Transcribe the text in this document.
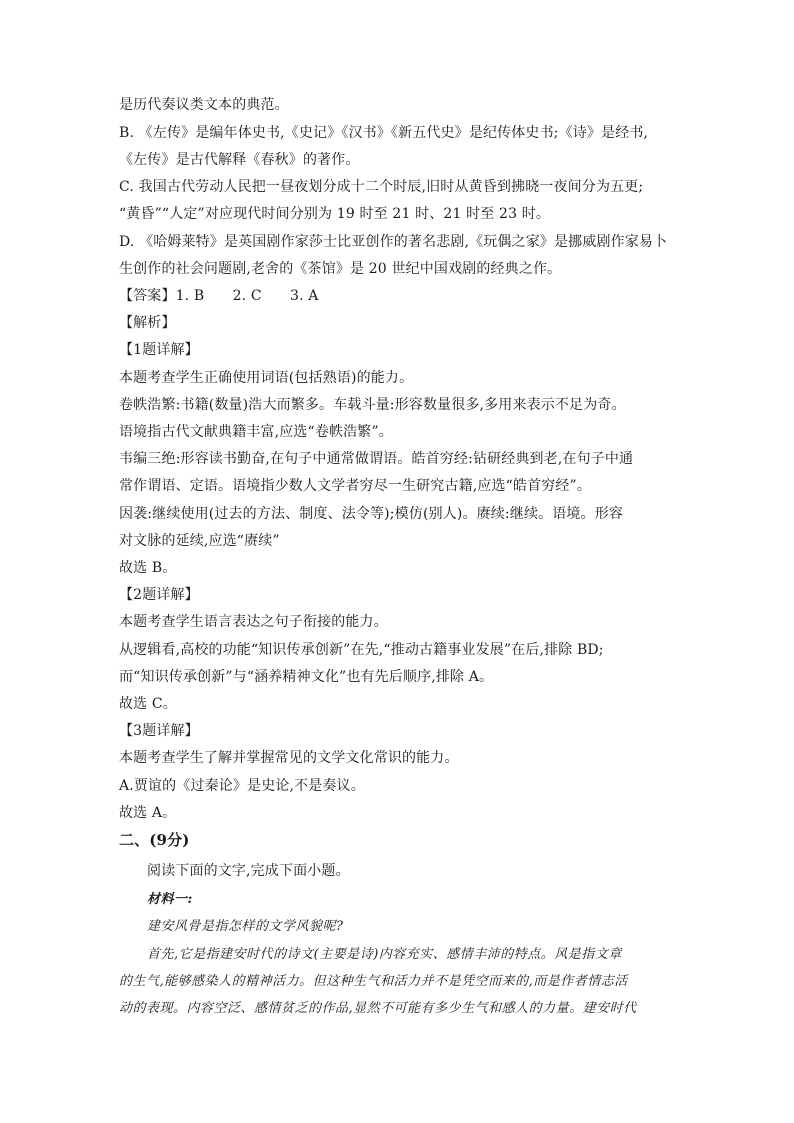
是历代奏议类文本的典范。
B. 《左传》是编年体史书,《史记》《汉书》《新五代史》是纪传体史书;《诗》是经书,
《左传》是古代解释《春秋》的著作。
C. 我国古代劳动人民把一昼夜划分成十二个时辰,旧时从黄昏到拂晓一夜间分为五更;
“黄昏”“人定”对应现代时间分别为 19 时至 21 时、21 时至 23 时。
D. 《哈姆莱特》是英国剧作家莎士比亚创作的著名悲剧,《玩偶之家》是挪威剧作家易卜
生创作的社会问题剧,老舍的《茶馆》是 20 世纪中国戏剧的经典之作。
【答案】1. B　　2. C　　3. A
【解析】
【1题详解】
本题考查学生正确使用词语(包括熟语)的能力。
卷帙浩繁:书籍(数量)浩大而繁多。车载斗量:形容数量很多,多用来表示不足为奇。
语境指古代文献典籍丰富,应选“卷帙浩繁”。
韦编三绝:形容读书勤奋,在句子中通常做谓语。皓首穷经:钻研经典到老,在句子中通
常作谓语、定语。语境指少数人文学者穷尽一生研究古籍,应选“皓首穷经”。
因袭:继续使用(过去的方法、制度、法令等);模仿(别人)。赓续:继续。语境。形容
对文脉的延续,应选“赓续”
故选 B。
【2题详解】
本题考查学生语言表达之句子衔接的能力。
从逻辑看,高校的功能“知识传承创新”在先,“推动古籍事业发展”在后,排除 BD;
而“知识传承创新”与“涵养精神文化”也有先后顺序,排除 A。
故选 C。
【3题详解】
本题考查学生了解并掌握常见的文学文化常识的能力。
A.贾谊的《过秦论》是史论,不是奏议。
故选 A。
二、(9分)
阅读下面的文字,完成下面小题。
材料一:
建安风骨是指怎样的文学风貌呢?
首先,它是指建安时代的诗文(主要是诗)内容充实、感情丰沛的特点。风是指文章
的生气,能够感染人的精神活力。但这种生气和活力并不是凭空而来的,而是作者情志活
动的表现。内容空泛、感情贫乏的作品,显然不可能有多少生气和感人的力量。建安时代
